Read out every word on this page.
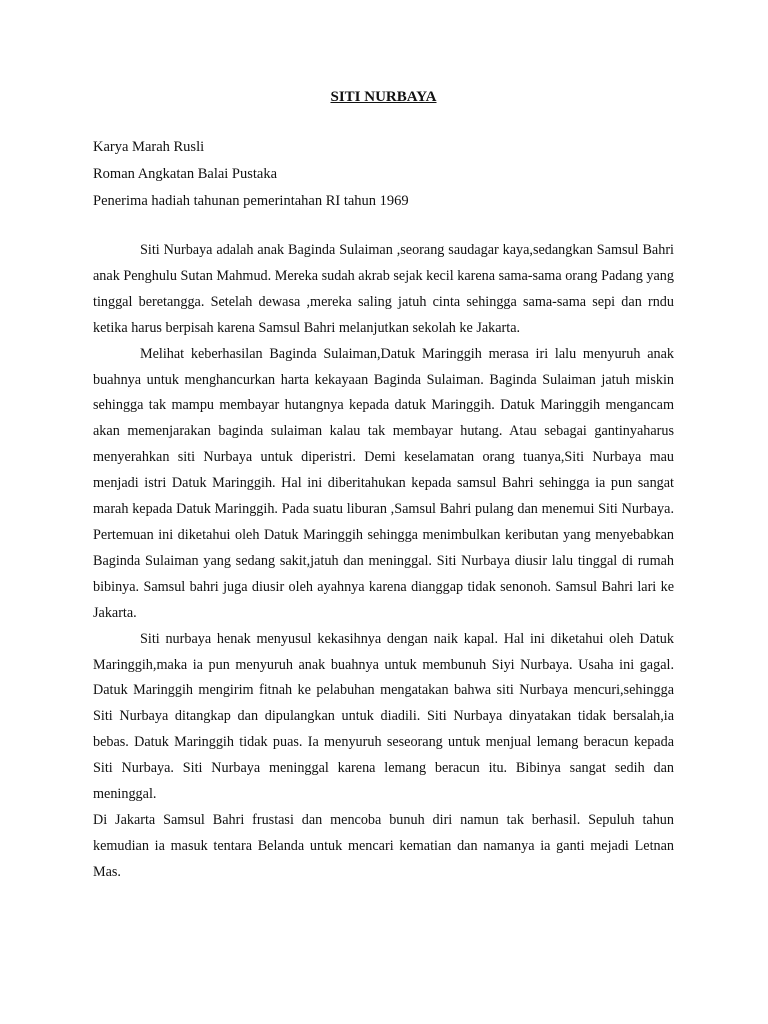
SITI NURBAYA

Karya Marah Rusli

Roman Angkatan Balai Pustaka

Penerima hadiah tahunan pemerintahan RI tahun 1969

Siti Nurbaya adalah anak Baginda Sulaiman ,seorang saudagar kaya,sedangkan Samsul Bahri anak Penghulu Sutan Mahmud. Mereka sudah akrab sejak kecil karena sama-sama orang Padang yang tinggal beretangga. Setelah dewasa ,mereka saling jatuh cinta sehingga sama-sama sepi dan rndu ketika harus berpisah karena Samsul Bahri melanjutkan sekolah ke Jakarta.

Melihat keberhasilan Baginda Sulaiman,Datuk Maringgih merasa iri lalu menyuruh anak buahnya untuk menghancurkan harta kekayaan Baginda Sulaiman. Baginda Sulaiman jatuh miskin sehingga tak mampu membayar hutangnya kepada datuk Maringgih. Datuk Maringgih mengancam akan memenjarakan baginda sulaiman kalau tak membayar hutang. Atau sebagai gantinyaharus menyerahkan siti Nurbaya untuk diperistri. Demi keselamatan orang tuanya,Siti Nurbaya mau menjadi istri Datuk Maringgih. Hal ini diberitahukan kepada samsul Bahri sehingga ia pun sangat marah kepada Datuk Maringgih. Pada suatu liburan ,Samsul Bahri pulang dan menemui Siti Nurbaya. Pertemuan ini diketahui oleh Datuk Maringgih sehingga menimbulkan keributan yang menyebabkan Baginda Sulaiman yang sedang sakit,jatuh dan meninggal. Siti Nurbaya diusir lalu tinggal di rumah bibinya. Samsul bahri juga diusir oleh ayahnya karena dianggap tidak senonoh. Samsul Bahri lari ke Jakarta.

Siti nurbaya henak menyusul kekasihnya dengan naik kapal. Hal ini diketahui oleh Datuk Maringgih,maka ia pun menyuruh anak buahnya untuk membunuh Siyi Nurbaya. Usaha ini gagal. Datuk Maringgih mengirim fitnah ke pelabuhan mengatakan bahwa siti Nurbaya mencuri,sehingga Siti Nurbaya ditangkap dan dipulangkan untuk diadili. Siti Nurbaya dinyatakan tidak bersalah,ia bebas. Datuk Maringgih tidak puas. Ia menyuruh seseorang untuk menjual lemang beracun kepada Siti Nurbaya. Siti Nurbaya meninggal karena lemang beracun itu. Bibinya sangat sedih dan meninggal.

Di Jakarta Samsul Bahri frustasi dan mencoba bunuh diri namun tak berhasil. Sepuluh tahun kemudian ia masuk tentara Belanda untuk mencari kematian dan namanya ia ganti mejadi Letnan Mas.
